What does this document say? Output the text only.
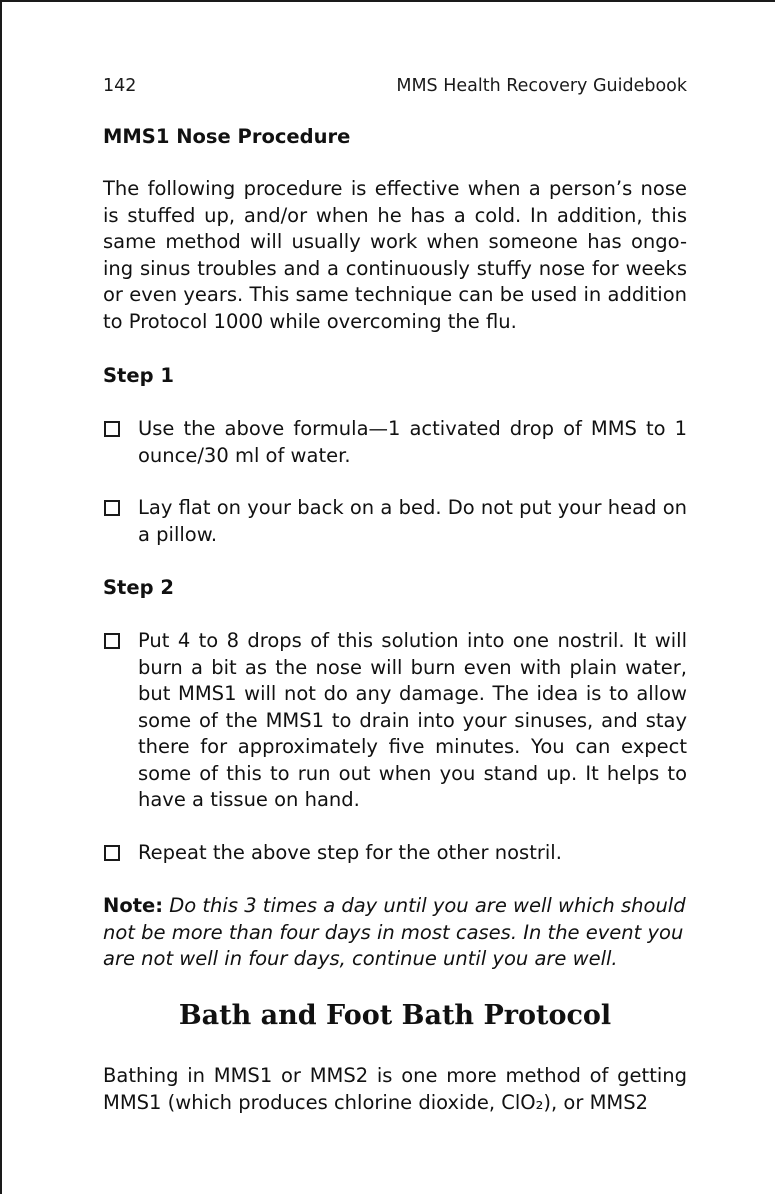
142	MMS Health Recovery Guidebook
MMS1 Nose Procedure

The following procedure is effective when a person’s nose is stuffed up, and/or when he has a cold. In addition, this same method will usually work when someone has ongo-ing sinus troubles and a continuously stuffy nose for weeks or even years. This same technique can be used in addition to Protocol 1000 while overcoming the flu.

Step 1
Use the above formula—1 activated drop of MMS to 1 ounce/30 ml of water.
Lay flat on your back on a bed. Do not put your head on a pillow.
Step 2
Put 4 to 8 drops of this solution into one nostril. It will burn a bit as the nose will burn even with plain water, but MMS1 will not do any damage. The idea is to allow some of the MMS1 to drain into your sinuses, and stay there for approximately five minutes. You can expect some of this to run out when you stand up. It helps to have a tissue on hand.
Repeat the above step for the other nostril.
Note: Do this 3 times a day until you are well which should not be more than four days in most cases. In the event you are not well in four days, continue until you are well.
Bath and Foot Bath Protocol

Bathing in MMS1 or MMS2 is one more method of getting MMS1 (which produces chlorine dioxide, ClO₂), or MMS2
